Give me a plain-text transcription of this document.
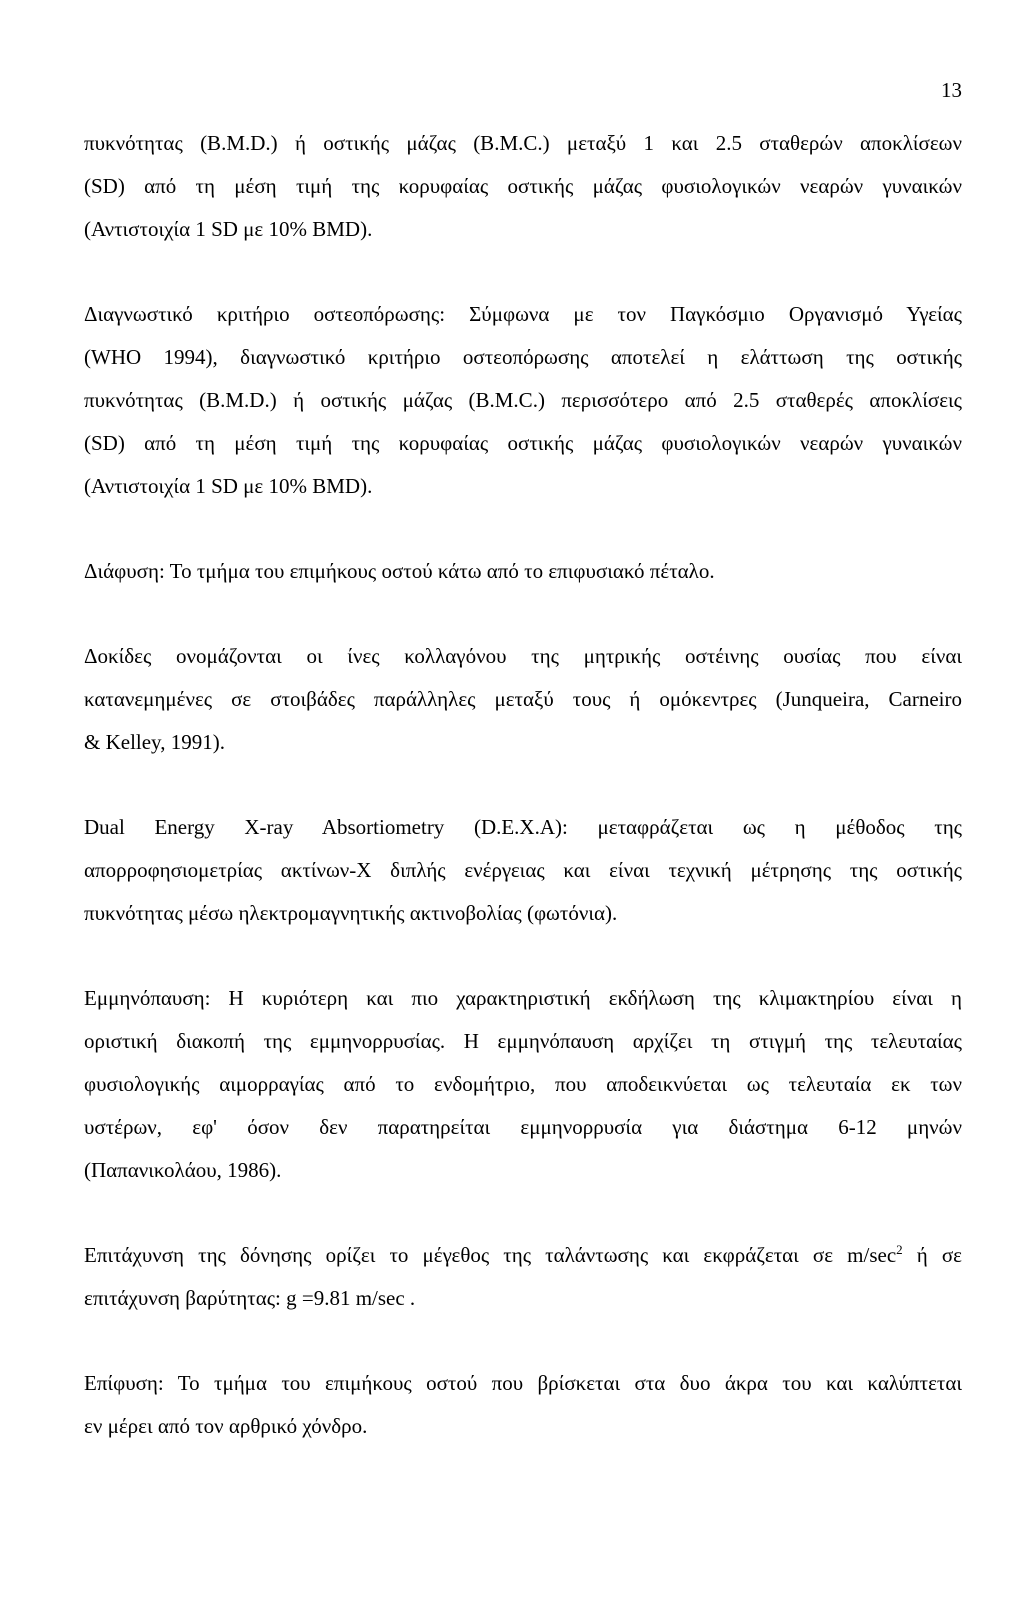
13

πυκνότητας (B.M.D.) ή οστικής μάζας (B.M.C.) μεταξύ 1 και 2.5 σταθερών αποκλίσεων
(SD) από τη μέση τιμή της κορυφαίας οστικής μάζας φυσιολογικών νεαρών γυναικών
(Αντιστοιχία 1 SD με 10% BMD).

Διαγνωστικό κριτήριο οστεοπόρωσης: Σύμφωνα με τον Παγκόσμιο Οργανισμό Υγείας
(WHO 1994), διαγνωστικό κριτήριο οστεοπόρωσης αποτελεί η ελάττωση της οστικής
πυκνότητας (B.M.D.) ή οστικής μάζας (B.M.C.) περισσότερο από 2.5 σταθερές αποκλίσεις
(SD) από τη μέση τιμή της κορυφαίας οστικής μάζας φυσιολογικών νεαρών γυναικών
(Αντιστοιχία 1 SD με 10% BMD).

Διάφυση: Το τμήμα του επιμήκους οστού κάτω από το επιφυσιακό πέταλο.

Δοκίδες ονομάζονται οι ίνες κολλαγόνου της μητρικής οστέινης ουσίας που είναι
κατανεμημένες σε στοιβάδες παράλληλες μεταξύ τους ή ομόκεντρες (Junqueira, Carneiro
& Kelley, 1991).

Dual Energy X-ray Absortiometry (D.E.X.A): μεταφράζεται ως η μέθοδος της
απορροφησιομετρίας ακτίνων-Χ διπλής ενέργειας και είναι τεχνική μέτρησης της οστικής
πυκνότητας μέσω ηλεκτρομαγνητικής ακτινοβολίας (φωτόνια).

Εμμηνόπαυση: Η κυριότερη και πιο χαρακτηριστική εκδήλωση της κλιμακτηρίου είναι η
οριστική διακοπή της εμμηνορρυσίας. Η εμμηνόπαυση αρχίζει τη στιγμή της τελευταίας
φυσιολογικής αιμορραγίας από το ενδομήτριο, που αποδεικνύεται ως τελευταία εκ των
υστέρων, εφ' όσον δεν παρατηρείται εμμηνορρυσία για διάστημα 6-12 μηνών
(Παπανικολάου, 1986).

Επιτάχυνση της δόνησης ορίζει το μέγεθος της ταλάντωσης και εκφράζεται σε $m/\sec^2$ ή σε
επιτάχυνση βαρύτητας: g =9.81 m/sec .

Επίφυση: Το τμήμα του επιμήκους οστού που βρίσκεται στα δυο άκρα του και καλύπτεται
εν μέρει από τον αρθρικό χόνδρο.
